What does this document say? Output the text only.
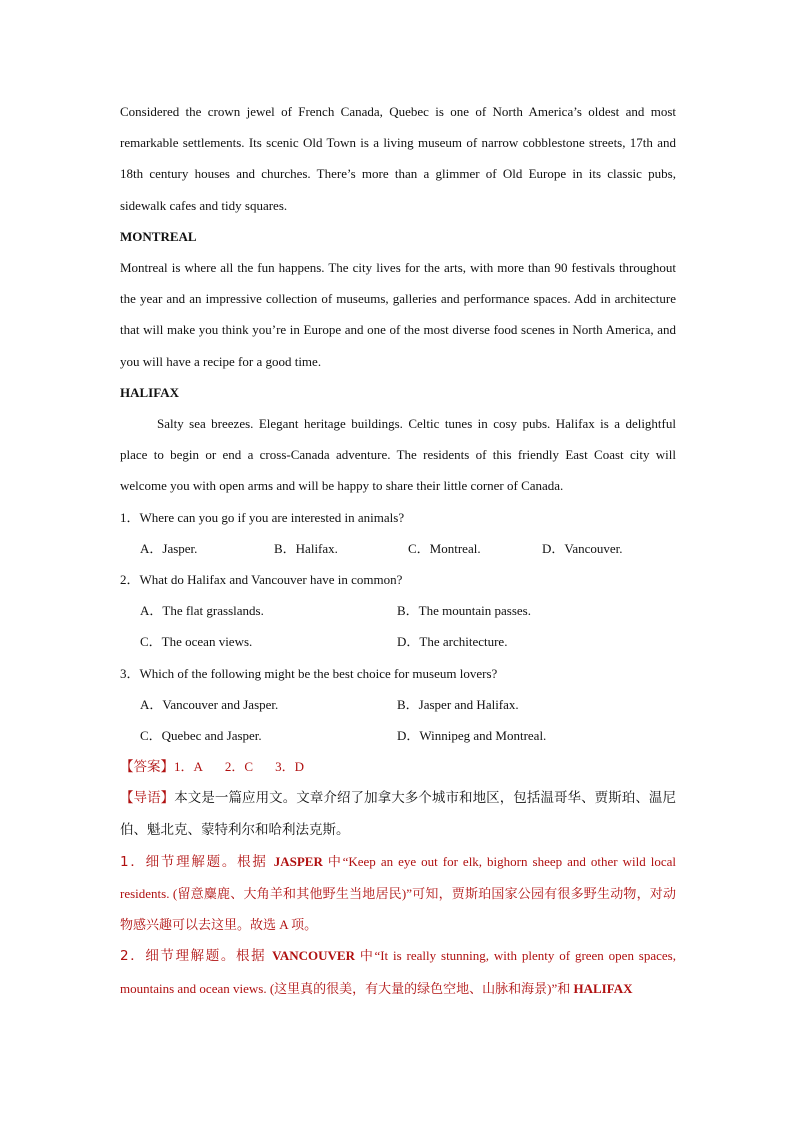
Considered the crown jewel of French Canada, Quebec is one of North America’s oldest and most remarkable settlements. Its scenic Old Town is a living museum of narrow cobblestone streets, 17th and 18th century houses and churches. There’s more than a glimmer of Old Europe in its classic pubs, sidewalk cafes and tidy squares.

MONTREAL

Montreal is where all the fun happens. The city lives for the arts, with more than 90 festivals throughout the year and an impressive collection of museums, galleries and performance spaces. Add in architecture that will make you think you’re in Europe and one of the most diverse food scenes in North America, and you will have a recipe for a good time.

HALIFAX

Salty sea breezes. Elegant heritage buildings. Celtic tunes in cosy pubs. Halifax is a delightful place to begin or end a cross-Canada adventure. The residents of this friendly East Coast city will welcome you with open arms and will be happy to share their little corner of Canada.

1．Where can you go if you are interested in animals?

A．Jasper.	B．Halifax.	C．Montreal.	D．Vancouver.

2．What do Halifax and Vancouver have in common?

A．The flat grasslands.	B．The mountain passes.
C．The ocean views.	D．The architecture.

3．Which of the following might be the best choice for museum lovers?

A．Vancouver and Jasper.	B．Jasper and Halifax.
C．Quebec and Jasper.	D．Winnipeg and Montreal.

【答案】1．A 2．C 3．D

【导语】本文是一篇应用文。文章介绍了加拿大多个城市和地区，包括温哥华、贾斯珀、温尼伯、魁北克、蒙特利尔和哈利法克斯。

1．细节理解题。根据 JASPER 中“Keep an eye out for elk, bighorn sheep and other wild local residents. (留意麋鹿、大角羊和其他野生当地居民)”可知，贾斯珀国家公园有很多野生动物，对动物感兴趣可以去这里。故选 A 项。

2．细节理解题。根据 VANCOUVER 中“It is really stunning, with plenty of green open spaces, mountains and ocean views. (这里真的很美，有大量的绿色空地、山脉和海景)”和 HALIFAX
